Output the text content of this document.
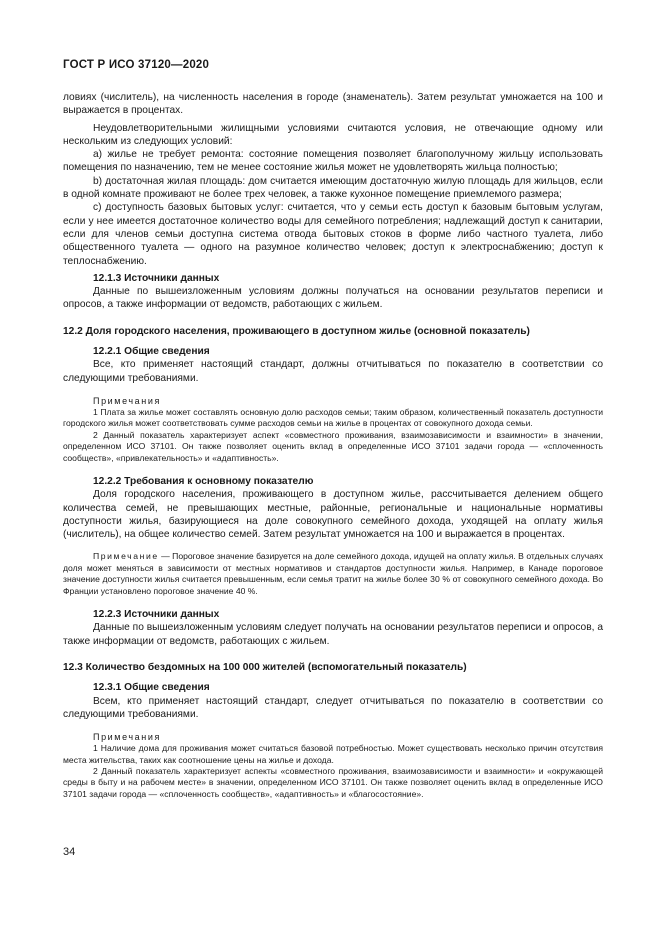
ГОСТ Р ИСО 37120—2020

ловиях (числитель), на численность населения в городе (знаменатель). Затем результат умножается на 100 и выражается в процентах.

Неудовлетворительными жилищными условиями считаются условия, не отвечающие одному или нескольким из следующих условий:

а) жилье не требует ремонта: состояние помещения позволяет благополучному жильцу использовать помещения по назначению, тем не менее состояние жилья может не удовлетворять жильца полностью;

b) достаточная жилая площадь: дом считается имеющим достаточную жилую площадь для жильцов, если в одной комнате проживают не более трех человек, а также кухонное помещение приемлемого размера;

с) доступность базовых бытовых услуг: считается, что у семьи есть доступ к базовым бытовым услугам, если у нее имеется достаточное количество воды для семейного потребления; надлежащий доступ к санитарии, если для членов семьи доступна система отвода бытовых стоков в форме либо частного туалета, либо общественного туалета — одного на разумное количество человек; доступ к электроснабжению; доступ к теплоснабжению.

12.1.3 Источники данных

Данные по вышеизложенным условиям должны получаться на основании результатов переписи и опросов, а также информации от ведомств, работающих с жильем.

12.2 Доля городского населения, проживающего в доступном жилье (основной показатель)
12.2.1 Общие сведения

Все, кто применяет настоящий стандарт, должны отчитываться по показателю в соответствии со следующими требованиями.

Примечания

1 Плата за жилье может составлять основную долю расходов семьи; таким образом, количественный показатель доступности городского жилья может соответствовать сумме расходов семьи на жилье в процентах от совокупного дохода семьи.

2 Данный показатель характеризует аспект «совместного проживания, взаимозависимости и взаимности» в значении, определенном ИСО 37101. Он также позволяет оценить вклад в определенные ИСО 37101 задачи города — «сплоченность сообществ», «привлекательность» и «адаптивность».

12.2.2 Требования к основному показателю

Доля городского населения, проживающего в доступном жилье, рассчитывается делением общего количества семей, не превышающих местные, районные, региональные и национальные нормативы доступности жилья, базирующиеся на доле совокупного семейного дохода, уходящей на оплату жилья (числитель), на общее количество семей. Затем результат умножается на 100 и выражается в процентах.

Примечание — Пороговое значение базируется на доле семейного дохода, идущей на оплату жилья. В отдельных случаях доля может меняться в зависимости от местных нормативов и стандартов доступности жилья. Например, в Канаде пороговое значение доступности жилья считается превышенным, если семья тратит на жилье более 30 % от совокупного семейного дохода. Во Франции установлено пороговое значение 40 %.

12.2.3 Источники данных

Данные по вышеизложенным условиям следует получать на основании результатов переписи и опросов, а также информации от ведомств, работающих с жильем.

12.3 Количество бездомных на 100 000 жителей (вспомогательный показатель)
12.3.1 Общие сведения

Всем, кто применяет настоящий стандарт, следует отчитываться по показателю в соответствии со следующими требованиями.

Примечания

1 Наличие дома для проживания может считаться базовой потребностью. Может существовать несколько причин отсутствия места жительства, таких как соотношение цены на жилье и дохода.

2 Данный показатель характеризует аспекты «совместного проживания, взаимозависимости и взаимности» и «окружающей среды в быту и на рабочем месте» в значении, определенном ИСО 37101. Он также позволяет оценить вклад в определенные ИСО 37101 задачи города — «сплоченность сообществ», «адаптивность» и «благосостояние».

34
